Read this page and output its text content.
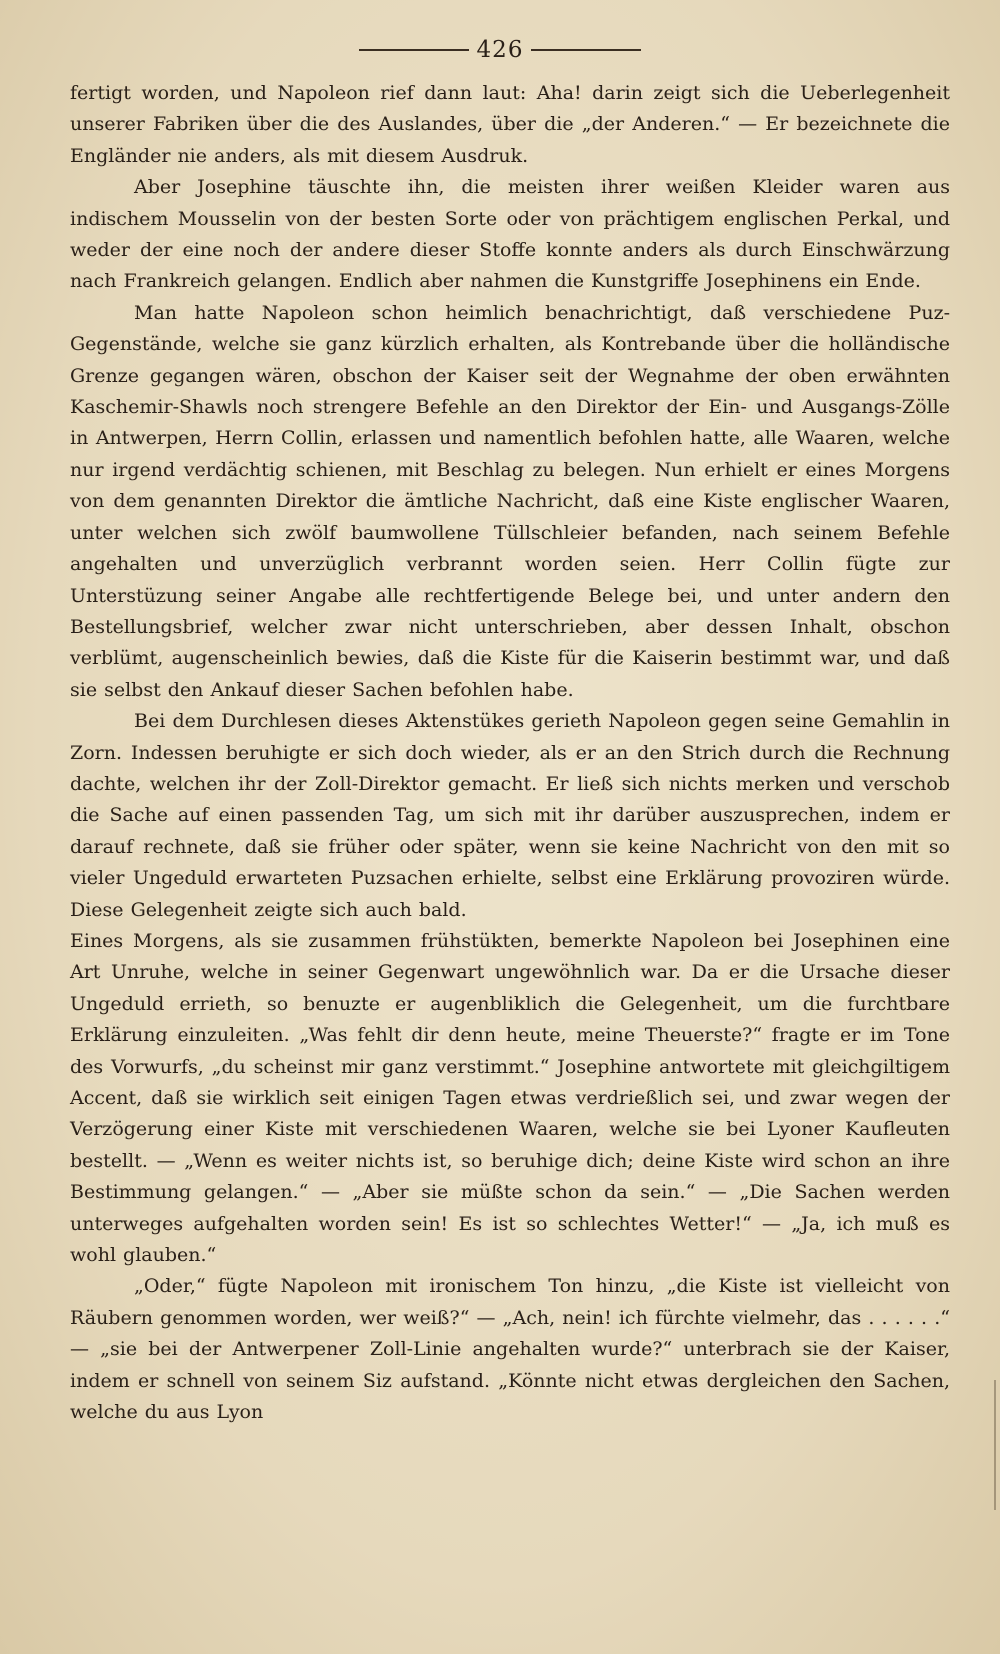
426

fertigt worden, und Napoleon rief dann laut: Aha! darin zeigt sich die Ueberlegenheit unserer Fabriken über die des Auslandes, über die „der Anderen.“ — Er bezeichnete die Engländer nie anders, als mit diesem Ausdruk.

Aber Josephine täuschte ihn, die meisten ihrer weißen Kleider waren aus indischem Mousselin von der besten Sorte oder von prächtigem englischen Perkal, und weder der eine noch der andere dieser Stoffe konnte anders als durch Einschwärzung nach Frankreich gelangen. Endlich aber nahmen die Kunstgriffe Josephinens ein Ende.

Man hatte Napoleon schon heimlich benachrichtigt, daß verschiedene Puz-Gegenstände, welche sie ganz kürzlich erhalten, als Kontrebande über die holländische Grenze gegangen wären, obschon der Kaiser seit der Wegnahme der oben erwähnten Kaschemir-Shawls noch strengere Befehle an den Direktor der Ein- und Ausgangs-Zölle in Antwerpen, Herrn Collin, erlassen und namentlich befohlen hatte, alle Waaren, welche nur irgend verdächtig schienen, mit Beschlag zu belegen. Nun erhielt er eines Morgens von dem genannten Direktor die ämtliche Nachricht, daß eine Kiste englischer Waaren, unter welchen sich zwölf baumwollene Tüllschleier befanden, nach seinem Befehle angehalten und unverzüglich verbrannt worden seien. Herr Collin fügte zur Unterstüzung seiner Angabe alle rechtfertigende Belege bei, und unter andern den Bestellungsbrief, welcher zwar nicht unterschrieben, aber dessen Inhalt, obschon verblümt, augenscheinlich bewies, daß die Kiste für die Kaiserin bestimmt war, und daß sie selbst den Ankauf dieser Sachen befohlen habe.

Bei dem Durchlesen dieses Aktenstükes gerieth Napoleon gegen seine Gemahlin in Zorn. Indessen beruhigte er sich doch wieder, als er an den Strich durch die Rechnung dachte, welchen ihr der Zoll-Direktor gemacht. Er ließ sich nichts merken und verschob die Sache auf einen passenden Tag, um sich mit ihr darüber auszusprechen, indem er darauf rechnete, daß sie früher oder später, wenn sie keine Nachricht von den mit so vieler Ungeduld erwarteten Puzsachen erhielte, selbst eine Erklärung provoziren würde. Diese Gelegenheit zeigte sich auch bald.

Eines Morgens, als sie zusammen frühstükten, bemerkte Napoleon bei Josephinen eine Art Unruhe, welche in seiner Gegenwart ungewöhnlich war. Da er die Ursache dieser Ungeduld errieth, so benuzte er augenbliklich die Gelegenheit, um die furchtbare Erklärung einzuleiten. „Was fehlt dir denn heute, meine Theuerste?“ fragte er im Tone des Vorwurfs, „du scheinst mir ganz verstimmt.“ Josephine antwortete mit gleichgiltigem Accent, daß sie wirklich seit einigen Tagen etwas verdrießlich sei, und zwar wegen der Verzögerung einer Kiste mit verschiedenen Waaren, welche sie bei Lyoner Kaufleuten bestellt. — „Wenn es weiter nichts ist, so beruhige dich; deine Kiste wird schon an ihre Bestimmung gelangen.“ — „Aber sie müßte schon da sein.“ — „Die Sachen werden unterweges aufgehalten worden sein! Es ist so schlechtes Wetter!“ — „Ja, ich muß es wohl glauben.“

„Oder,“ fügte Napoleon mit ironischem Ton hinzu, „die Kiste ist vielleicht von Räubern genommen worden, wer weiß?“ — „Ach, nein! ich fürchte vielmehr, das . . . . . .“ — „sie bei der Antwerpener Zoll-Linie angehalten wurde?“ unterbrach sie der Kaiser, indem er schnell von seinem Siz aufstand. „Könnte nicht etwas dergleichen den Sachen, welche du aus Lyon
